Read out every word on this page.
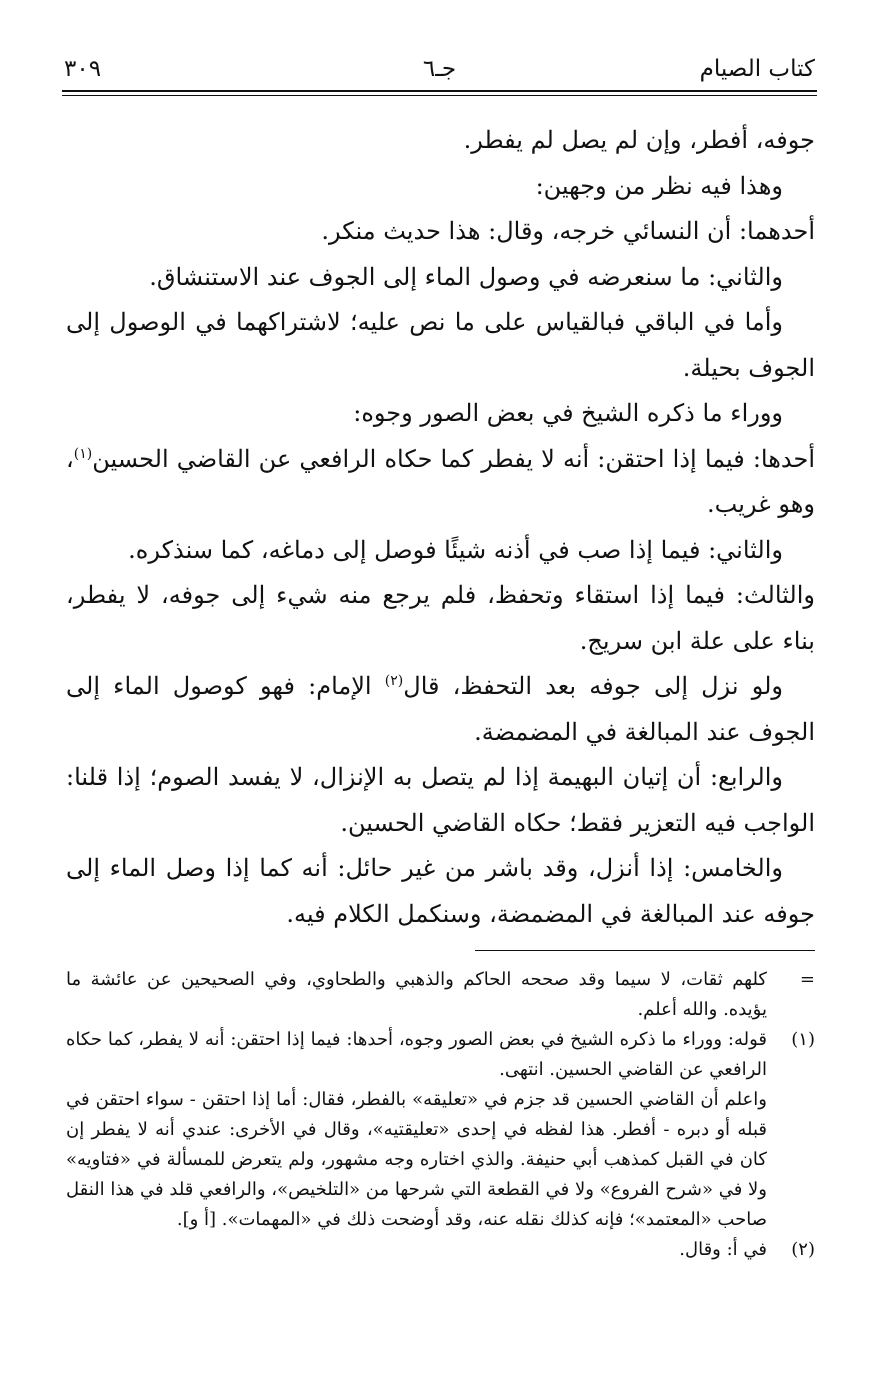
كتاب الصيام
جـ٦
٣٠٩

جوفه، أفطر، وإن لم يصل لم يفطر.

وهذا فيه نظر من وجهين:

أحدهما: أن النسائي خرجه، وقال: هذا حديث منكر.

والثاني: ما سنعرضه في وصول الماء إلى الجوف عند الاستنشاق.

وأما في الباقي فبالقياس على ما نص عليه؛ لاشتراكهما في الوصول إلى الجوف بحيلة.

ووراء ما ذكره الشيخ في بعض الصور وجوه:

أحدها: فيما إذا احتقن: أنه لا يفطر كما حكاه الرافعي عن القاضي الحسين$^{(١)}$، وهو غريب.

والثاني: فيما إذا صب في أذنه شيئًا فوصل إلى دماغه، كما سنذكره.

والثالث: فيما إذا استقاء وتحفظ، فلم يرجع منه شيء إلى جوفه، لا يفطر، بناء على علة ابن سريج.

ولو نزل إلى جوفه بعد التحفظ، قال$^{(٢)}$ الإمام: فهو كوصول الماء إلى الجوف عند المبالغة في المضمضة.

والرابع: أن إتيان البهيمة إذا لم يتصل به الإنزال، لا يفسد الصوم؛ إذا قلنا: الواجب فيه التعزير فقط؛ حكاه القاضي الحسين.

والخامس: إذا أنزل، وقد باشر من غير حائل: أنه كما إذا وصل الماء إلى جوفه عند المبالغة في المضمضة، وسنكمل الكلام فيه.

=

كلهم ثقات، لا سيما وقد صححه الحاكم والذهبي والطحاوي، وفي الصحيحين عن عائشة ما يؤيده. والله أعلم.

(١)

قوله: ووراء ما ذكره الشيخ في بعض الصور وجوه، أحدها: فيما إذا احتقن: أنه لا يفطر، كما حكاه الرافعي عن القاضي الحسين. انتهى.

واعلم أن القاضي الحسين قد جزم في «تعليقه» بالفطر، فقال: أما إذا احتقن - سواء احتقن في قبله أو دبره - أفطر. هذا لفظه في إحدى «تعليقتيه»، وقال في الأخرى: عندي أنه لا يفطر إن كان في القبل كمذهب أبي حنيفة. والذي اختاره وجه مشهور، ولم يتعرض للمسألة في «فتاويه» ولا في «شرح الفروع» ولا في القطعة التي شرحها من «التلخيص»، والرافعي قلد في هذا النقل صاحب «المعتمد»؛ فإنه كذلك نقله عنه، وقد أوضحت ذلك في «المهمات». [أ و].

(٢)

في أ: وقال.
